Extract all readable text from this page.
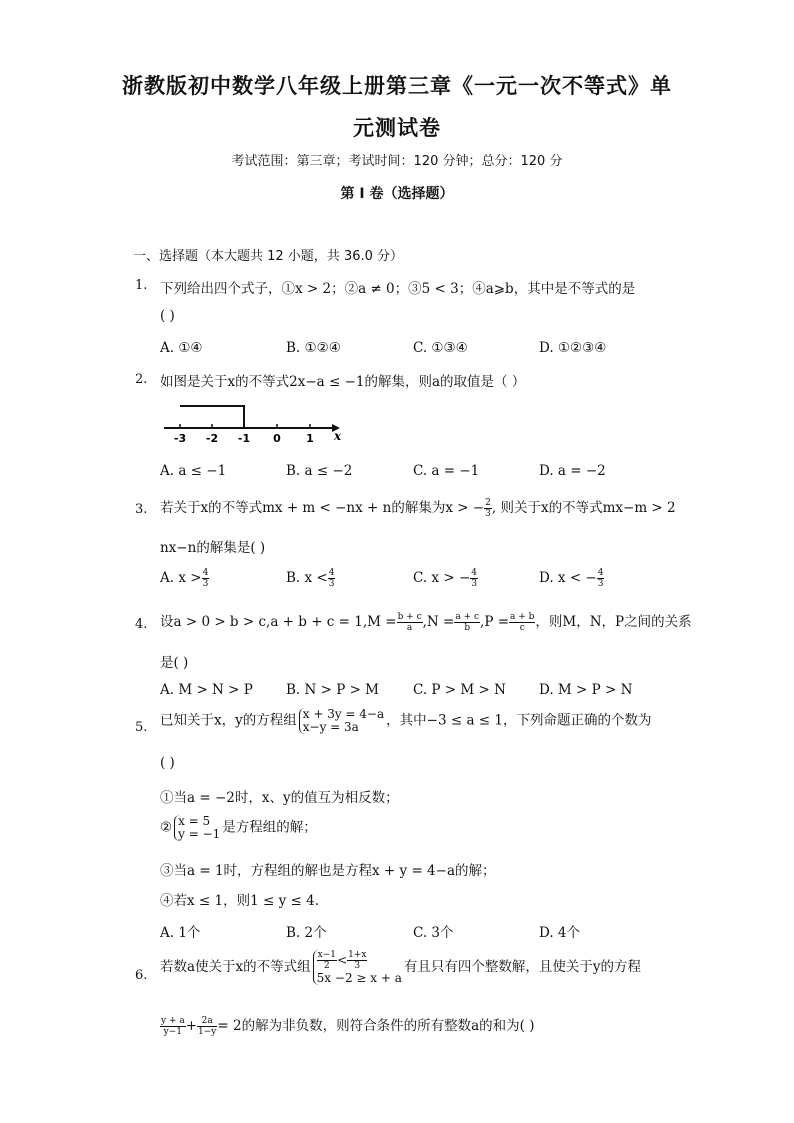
浙教版初中数学八年级上册第三章《一元一次不等式》单
元测试卷
考试范围：第三章；考试时间：120 分钟；总分：120 分
第 I 卷（选择题）
一、选择题（本大题共 12 小题，共 36.0 分）
1. 下列给出四个式子，①x > 2；②a ≠ 0；③5 < 3；④a⩾b，其中是不等式的是
( )
A. ①④	B. ①②④	C. ①③④	D. ①②③④
2. 如图是关于x的不等式2x−a ≤ −1的解集，则a的取值是（ ）
-3 -2 -1 0 1 x
A. a ≤ −1	B. a ≤ −2	C. a = −1	D. a = −2
3. 若关于x的不等式mx + m < −nx + n的解集为x > − $\frac{2}{3}$ , 则关于x的不等式mx−m > 2
nx−n的解集是( )
A. $x > \frac{4}{3}$	B. $x < \frac{4}{3}$	C. x > − $\frac{4}{3}$	D. x < − $\frac{4}{3}$
4. 设$a > 0 > b > c,a + b + c = 1,M = \frac{b + c}{a} ,N = \frac{a + c}{b} ,P = \frac{a + b}{c}$ ，则M，N，P之间的关系
是( )
A. M > N > P B. N > P > M	C. P > M > N D. M > P > N
5. 已知关于x，y的方程组 x + 3y = 4−a
x−y = 3a	，其中−3 ≤ a ≤ 1，下列命题正确的个数为
( )
①当a = −2时，x、y的值互为相反数；
② x = 5
y = −1 是方程组的解；
③当a = 1时，方程组的解也是方程x + y = 4−a的解；
④若x ≤ 1，则1 ≤ y ≤ 4.
A. 1个	B. 2个	C. 3个	D. 4个
6.
若数a使关于x的不等式组 $\frac{x-1}{2} < \frac{1+x}{3}$
5x −2 ≥ x + a
有且只有四个整数解，且使关于y的方程
$\frac{y + a}{y-1} + \frac{2a}{1-y} = 2$的解为非负数，则符合条件的所有整数a的和为( )
